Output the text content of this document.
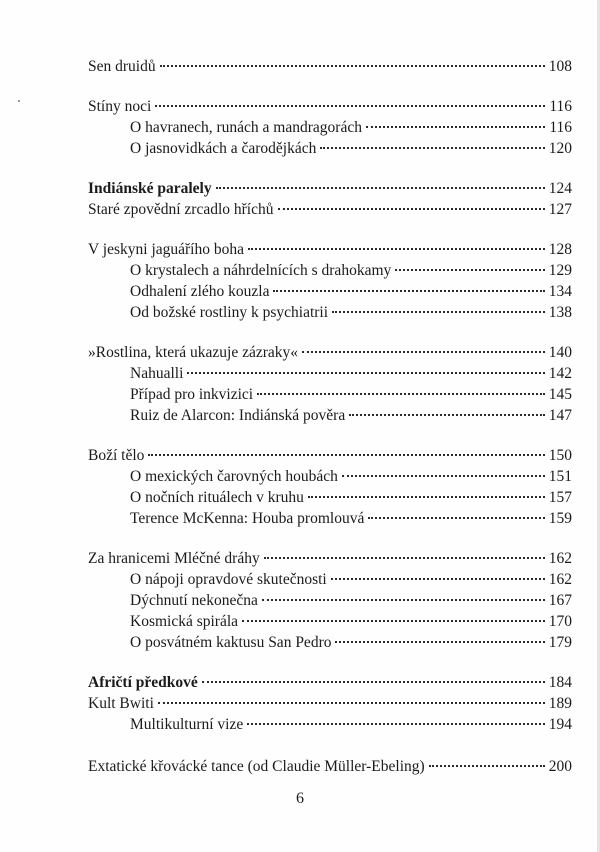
Sen druidů	108
Stíny noci	116
O havranech, runách a mandragorách	116
O jasnovidkách a čarodějkách	120
Indiánské paralely	124
Staré zpovědní zrcadlo hříchů	127
V jeskyni jaguářího boha	128
O krystalech a náhrdelnících s drahokamy	129
Odhalení zlého kouzla	134
Od božské rostliny k psychiatrii	138
»Rostlina, která ukazuje zázraky«	140
Nahualli	142
Případ pro inkvizici	145
Ruiz de Alarcon: Indiánská pověra	147
Boží tělo	150
O mexických čarovných houbách	151
O nočních rituálech v kruhu	157
Terence McKenna: Houba promlouvá	159
Za hranicemi Mléčné dráhy	162
O nápoji opravdové skutečnosti	162
Dýchnutí nekonečna	167
Kosmická spirála	170
O posvátném kaktusu San Pedro	179
Afričtí předkové	184
Kult Bwiti	189
Multikulturní vize	194
Extatické křovácké tance (od Claudie Müller-Ebeling)	200
6
